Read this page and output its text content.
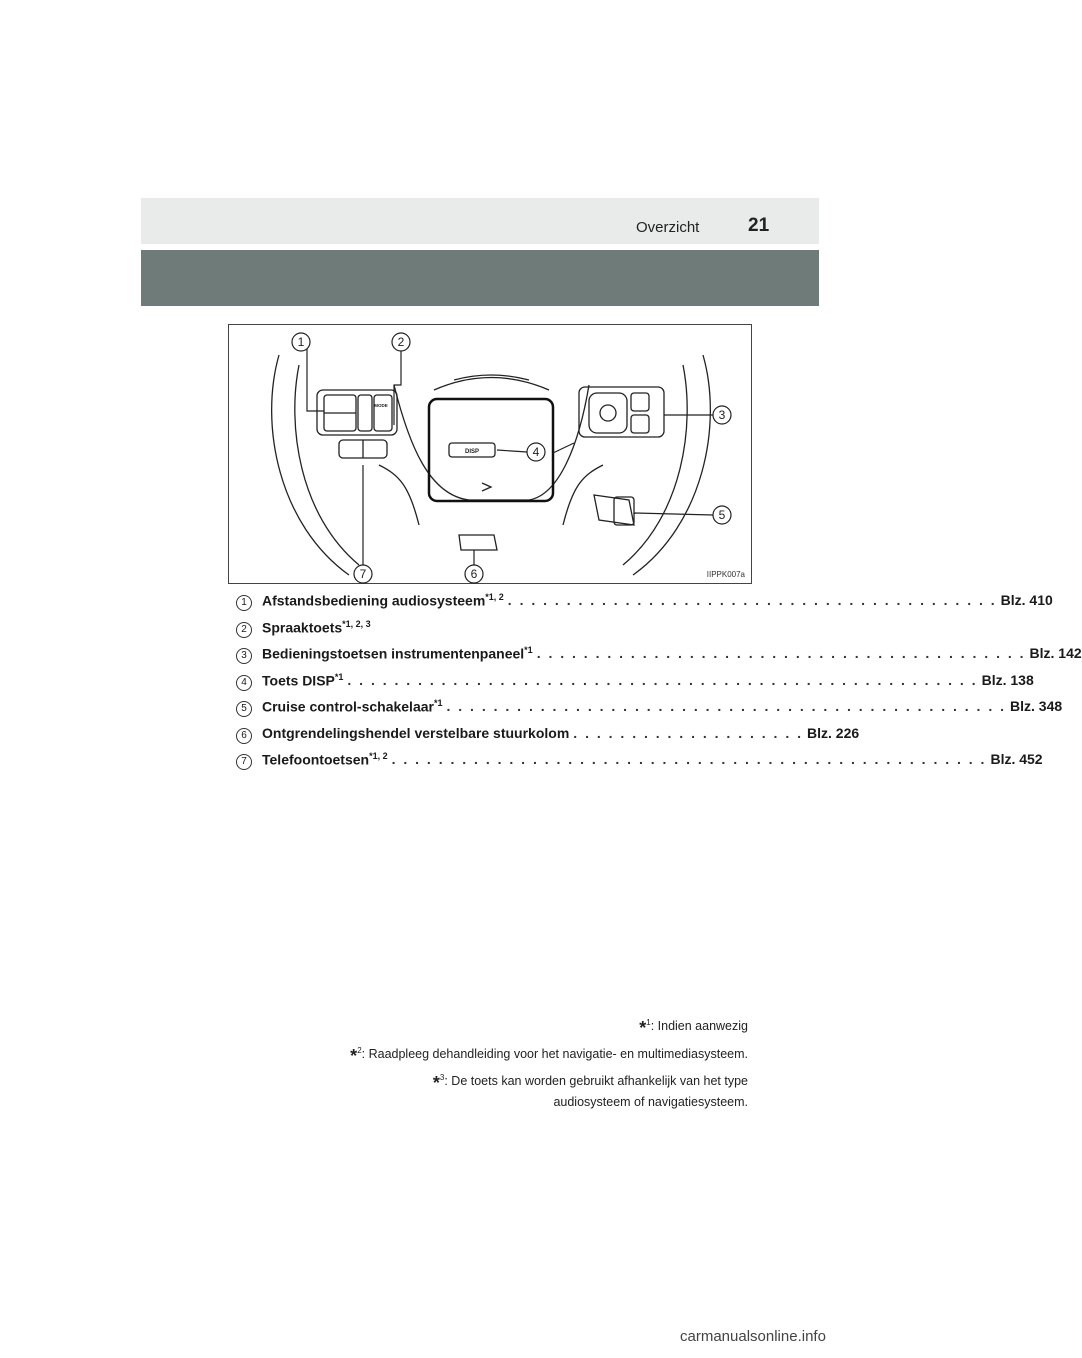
Overzicht	21
DISP
MODE
1	2
3
4
5
6
7	IIPPK007a
1	Afstandsbediening audiosysteem$^{*1, 2}$ . . . . . . . . . . . . . . . . . . . . . . . . . . . . . . . . . . . . . . . . . . Blz. 410
2	Spraaktoets$^{*1, 2, 3}$
3	Bedieningstoetsen instrumentenpaneel$^{*1}$ . . . . . . . . . . . . . . . . . . . . . . . . . . . . . . . . . . . . . . . . . . Blz. 142
4	Toets DISP$^{*1}$ . . . . . . . . . . . . . . . . . . . . . . . . . . . . . . . . . . . . . . . . . . . . . . . . . . . . . . Blz. 138
5	Cruise control-schakelaar$^{*1}$ . . . . . . . . . . . . . . . . . . . . . . . . . . . . . . . . . . . . . . . . . . . . . . . . Blz. 348
6	Ontgrendelingshendel verstelbare stuurkolom . . . . . . . . . . . . . . . . . . . . Blz. 226
7	Telefoontoetsen$^{*1, 2}$ . . . . . . . . . . . . . . . . . . . . . . . . . . . . . . . . . . . . . . . . . . . . . . . . . . . Blz. 452
*$^1$: Indien aanwezig
*$^2$: Raadpleeg dehandleiding voor het navigatie- en multimediasysteem.
*$^3$: De toets kan worden gebruikt afhankelijk van het type
audiosysteem of navigatiesysteem.
carmanualsonline.info
